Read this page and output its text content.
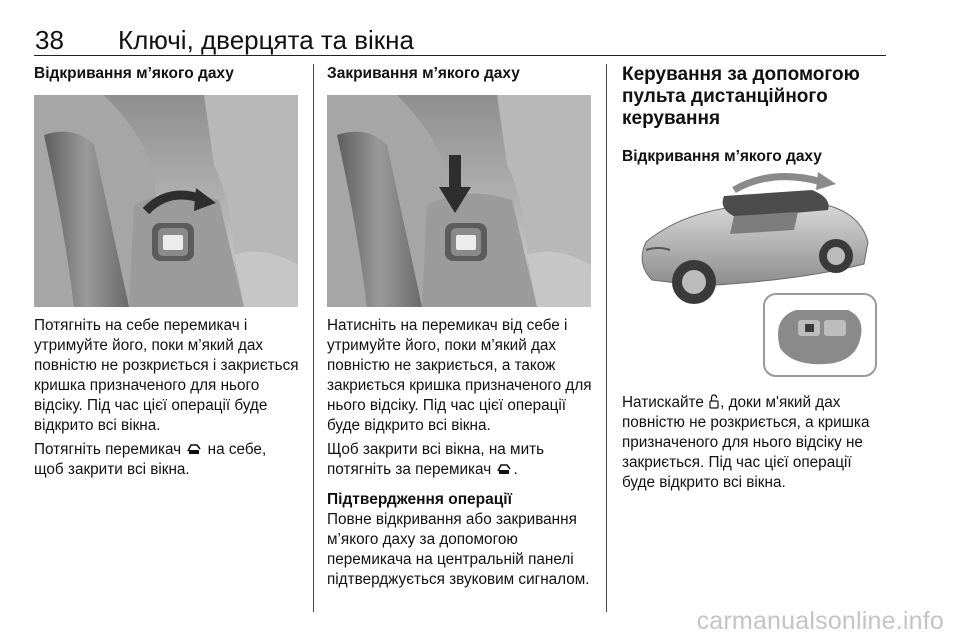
38 Ключі, дверцята та вікна

Відкривання м’якого даху

Потягніть на себе перемикач і утримуйте його, поки м’який дах повністю не розкриється і закриється кришка призначеного для нього відсіку. Під час цієї операції буде відкрито всі вікна.

Потягніть перемикач на себе, щоб закрити всі вікна.

Закривання м’якого даху

Натисніть на перемикач від себе і утримуйте його, поки м’який дах повністю не закриється, а також закриється кришка призначеного для нього відсіку. Під час цієї операції буде відкрито всі вікна.

Щоб закрити всі вікна, на мить потягніть за перемикач .

Підтвердження операції

Повне відкривання або закривання м’якого даху за допомогою перемикача на центральній панелі підтверджується звуковим сигналом.

Керування за допомогою пульта дистанційного керування

Відкривання м’якого даху

Натискайте , доки м'який дах повністю не розкриється, а кришка призначеного для нього відсіку не закриється. Під час цієї операції буде відкрито всі вікна.

carmanualsonline.info
